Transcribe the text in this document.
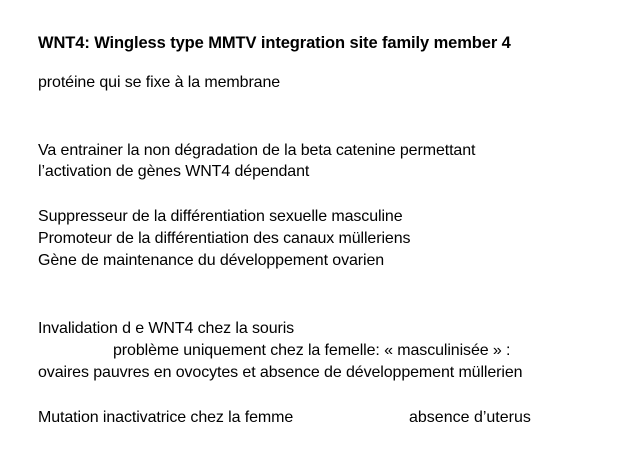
WNT4: Wingless type MMTV integration site family member 4
protéine qui se fixe à la membrane
Va entrainer la non dégradation de la beta catenine permettant
l’activation de gènes WNT4 dépendant
Suppresseur de la différentiation sexuelle masculine
Promoteur de la différentiation des canaux mülleriens
Gène de maintenance du développement ovarien
Invalidation d e WNT4 chez la souris
problème uniquement chez la femelle: « masculinisée » :
ovaires pauvres en ovocytes et absence de développement müllerien
Mutation inactivatrice chez la femme	absence d’uterus
